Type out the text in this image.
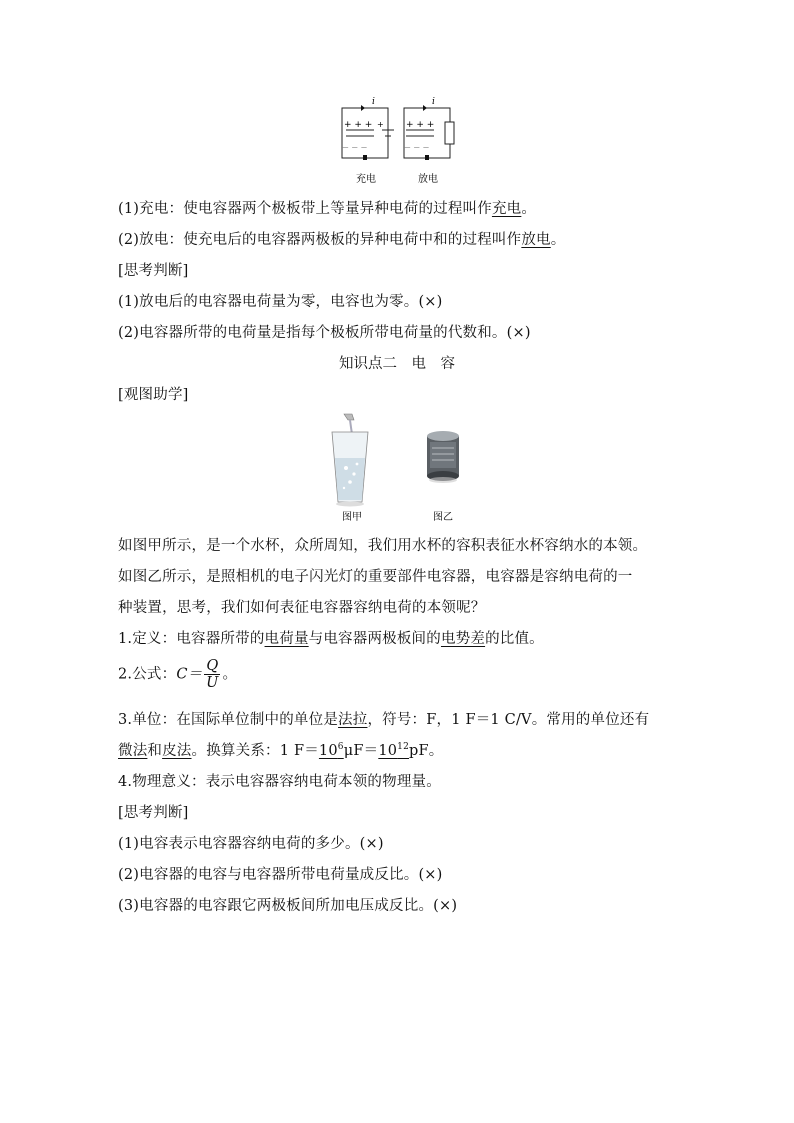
i	i
+ + +
－ － －
+ + + +
－ － －
充电	放电
(1)充电：使电容器两个极板带上等量异种电荷的过程叫作充电。
(2)放电：使充电后的电容器两极板的异种电荷中和的过程叫作放电。
[思考判断]
(1)放电后的电容器电荷量为零，电容也为零。(×)
(2)电容器所带的电荷量是指每个极板所带电荷量的代数和。(×)
知识点二　电　容
[观图助学]
图甲	图乙
如图甲所示，是一个水杯，众所周知，我们用水杯的容积表征水杯容纳水的本领。
如图乙所示，是照相机的电子闪光灯的重要部件电容器，电容器是容纳电荷的一
种装置，思考，我们如何表征电容器容纳电荷的本领呢？
1.定义：电容器所带的电荷量与电容器两极板间的电势差的比值。
2.公式：$C= \frac{Q}{U}$ 。
3.单位：在国际单位制中的单位是法拉，符号：F，1 F＝1 C/V。常用的单位还有
微法和皮法。换算关系：1 $F=10^6\mu F=10^{12}pF$。
4.物理意义：表示电容器容纳电荷本领的物理量。
[思考判断]
(1)电容表示电容器容纳电荷的多少。(×)
(2)电容器的电容与电容器所带电荷量成反比。(×)
(3)电容器的电容跟它两极板间所加电压成反比。(×)
